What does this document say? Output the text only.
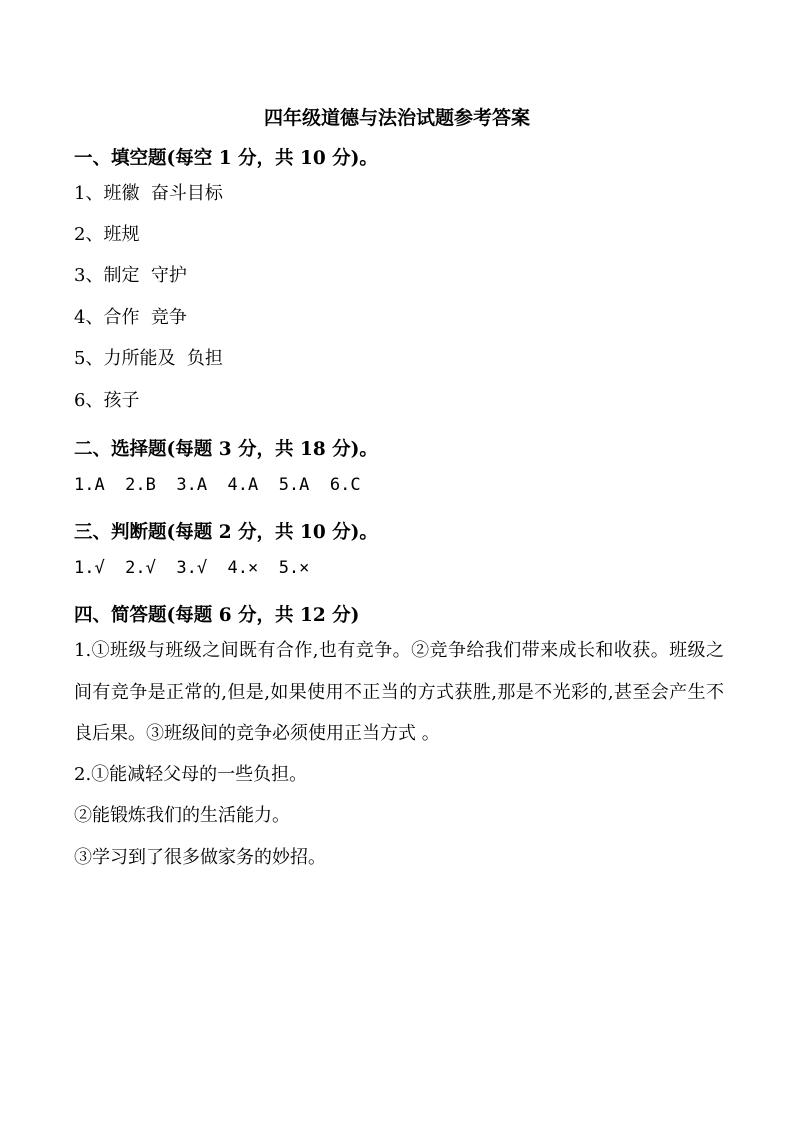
四年级道德与法治试题参考答案
一、填空题(每空 1 分，共 10 分)。
1、班徽  奋斗目标
2、班规
3、制定  守护
4、合作  竞争
5、力所能及  负担
6、孩子
二、选择题(每题 3 分，共 18 分)。
1.A  2.B  3.A  4.A  5.A  6.C
三、判断题(每题 2 分，共 10 分)。
1.√  2.√  3.√  4.×  5.×
四、简答题(每题 6 分，共 12 分)
1.①班级与班级之间既有合作,也有竞争。②竞争给我们带来成长和收获。班级之间有竞争是正常的,但是,如果使用不正当的方式获胜,那是不光彩的,甚至会产生不良后果。③班级间的竞争必须使用正当方式 。
2.①能减轻父母的一些负担。
②能锻炼我们的生活能力。
③学习到了很多做家务的妙招。
